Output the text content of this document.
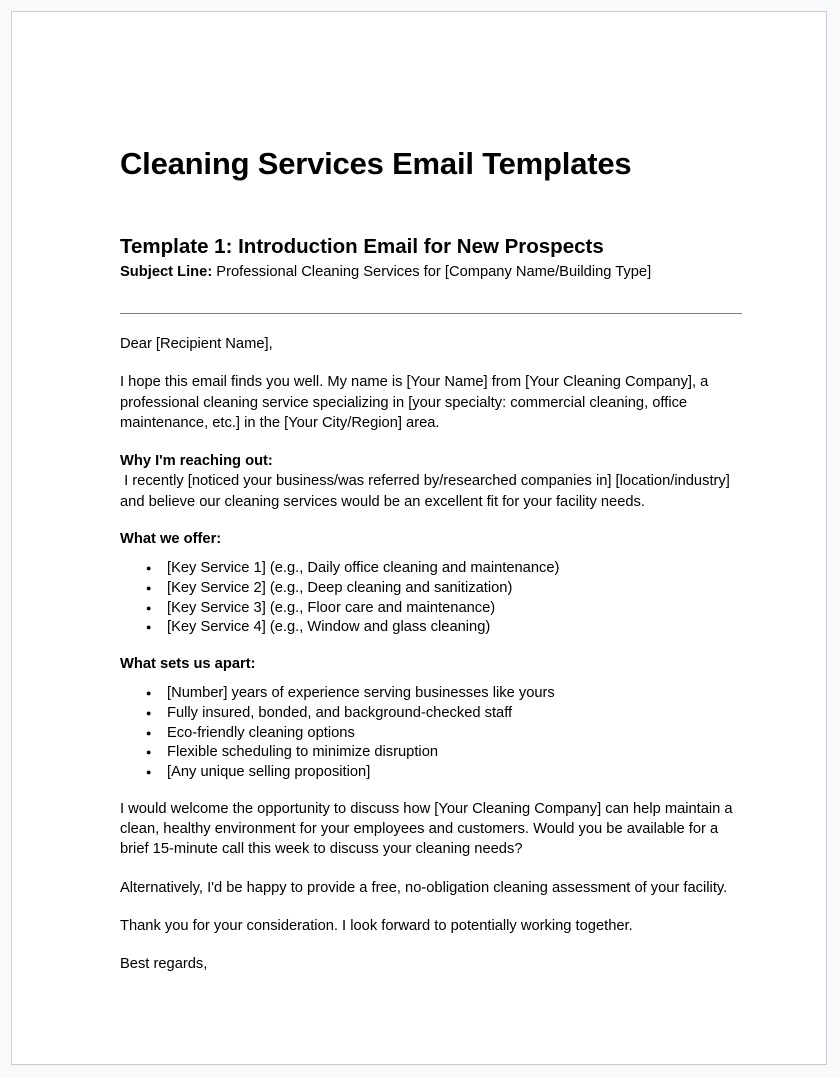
Cleaning Services Email Templates
Template 1: Introduction Email for New Prospects
Subject Line: Professional Cleaning Services for [Company Name/Building Type]

Dear [Recipient Name],

I hope this email finds you well. My name is [Your Name] from [Your Cleaning Company], a professional cleaning service specializing in [your specialty: commercial cleaning, office maintenance, etc.] in the [Your City/Region] area.

Why I'm reaching out:
I recently [noticed your business/was referred by/researched companies in] [location/industry] and believe our cleaning services would be an excellent fit for your facility needs.

What we offer:
● [Key Service 1] (e.g., Daily office cleaning and maintenance)
● [Key Service 2] (e.g., Deep cleaning and sanitization)
● [Key Service 3] (e.g., Floor care and maintenance)
● [Key Service 4] (e.g., Window and glass cleaning)
What sets us apart:
● [Number] years of experience serving businesses like yours
● Fully insured, bonded, and background-checked staff
● Eco-friendly cleaning options
● Flexible scheduling to minimize disruption
● [Any unique selling proposition]

I would welcome the opportunity to discuss how [Your Cleaning Company] can help maintain a clean, healthy environment for your employees and customers. Would you be available for a brief 15-minute call this week to discuss your cleaning needs?

Alternatively, I'd be happy to provide a free, no-obligation cleaning assessment of your facility.

Thank you for your consideration. I look forward to potentially working together.

Best regards,
